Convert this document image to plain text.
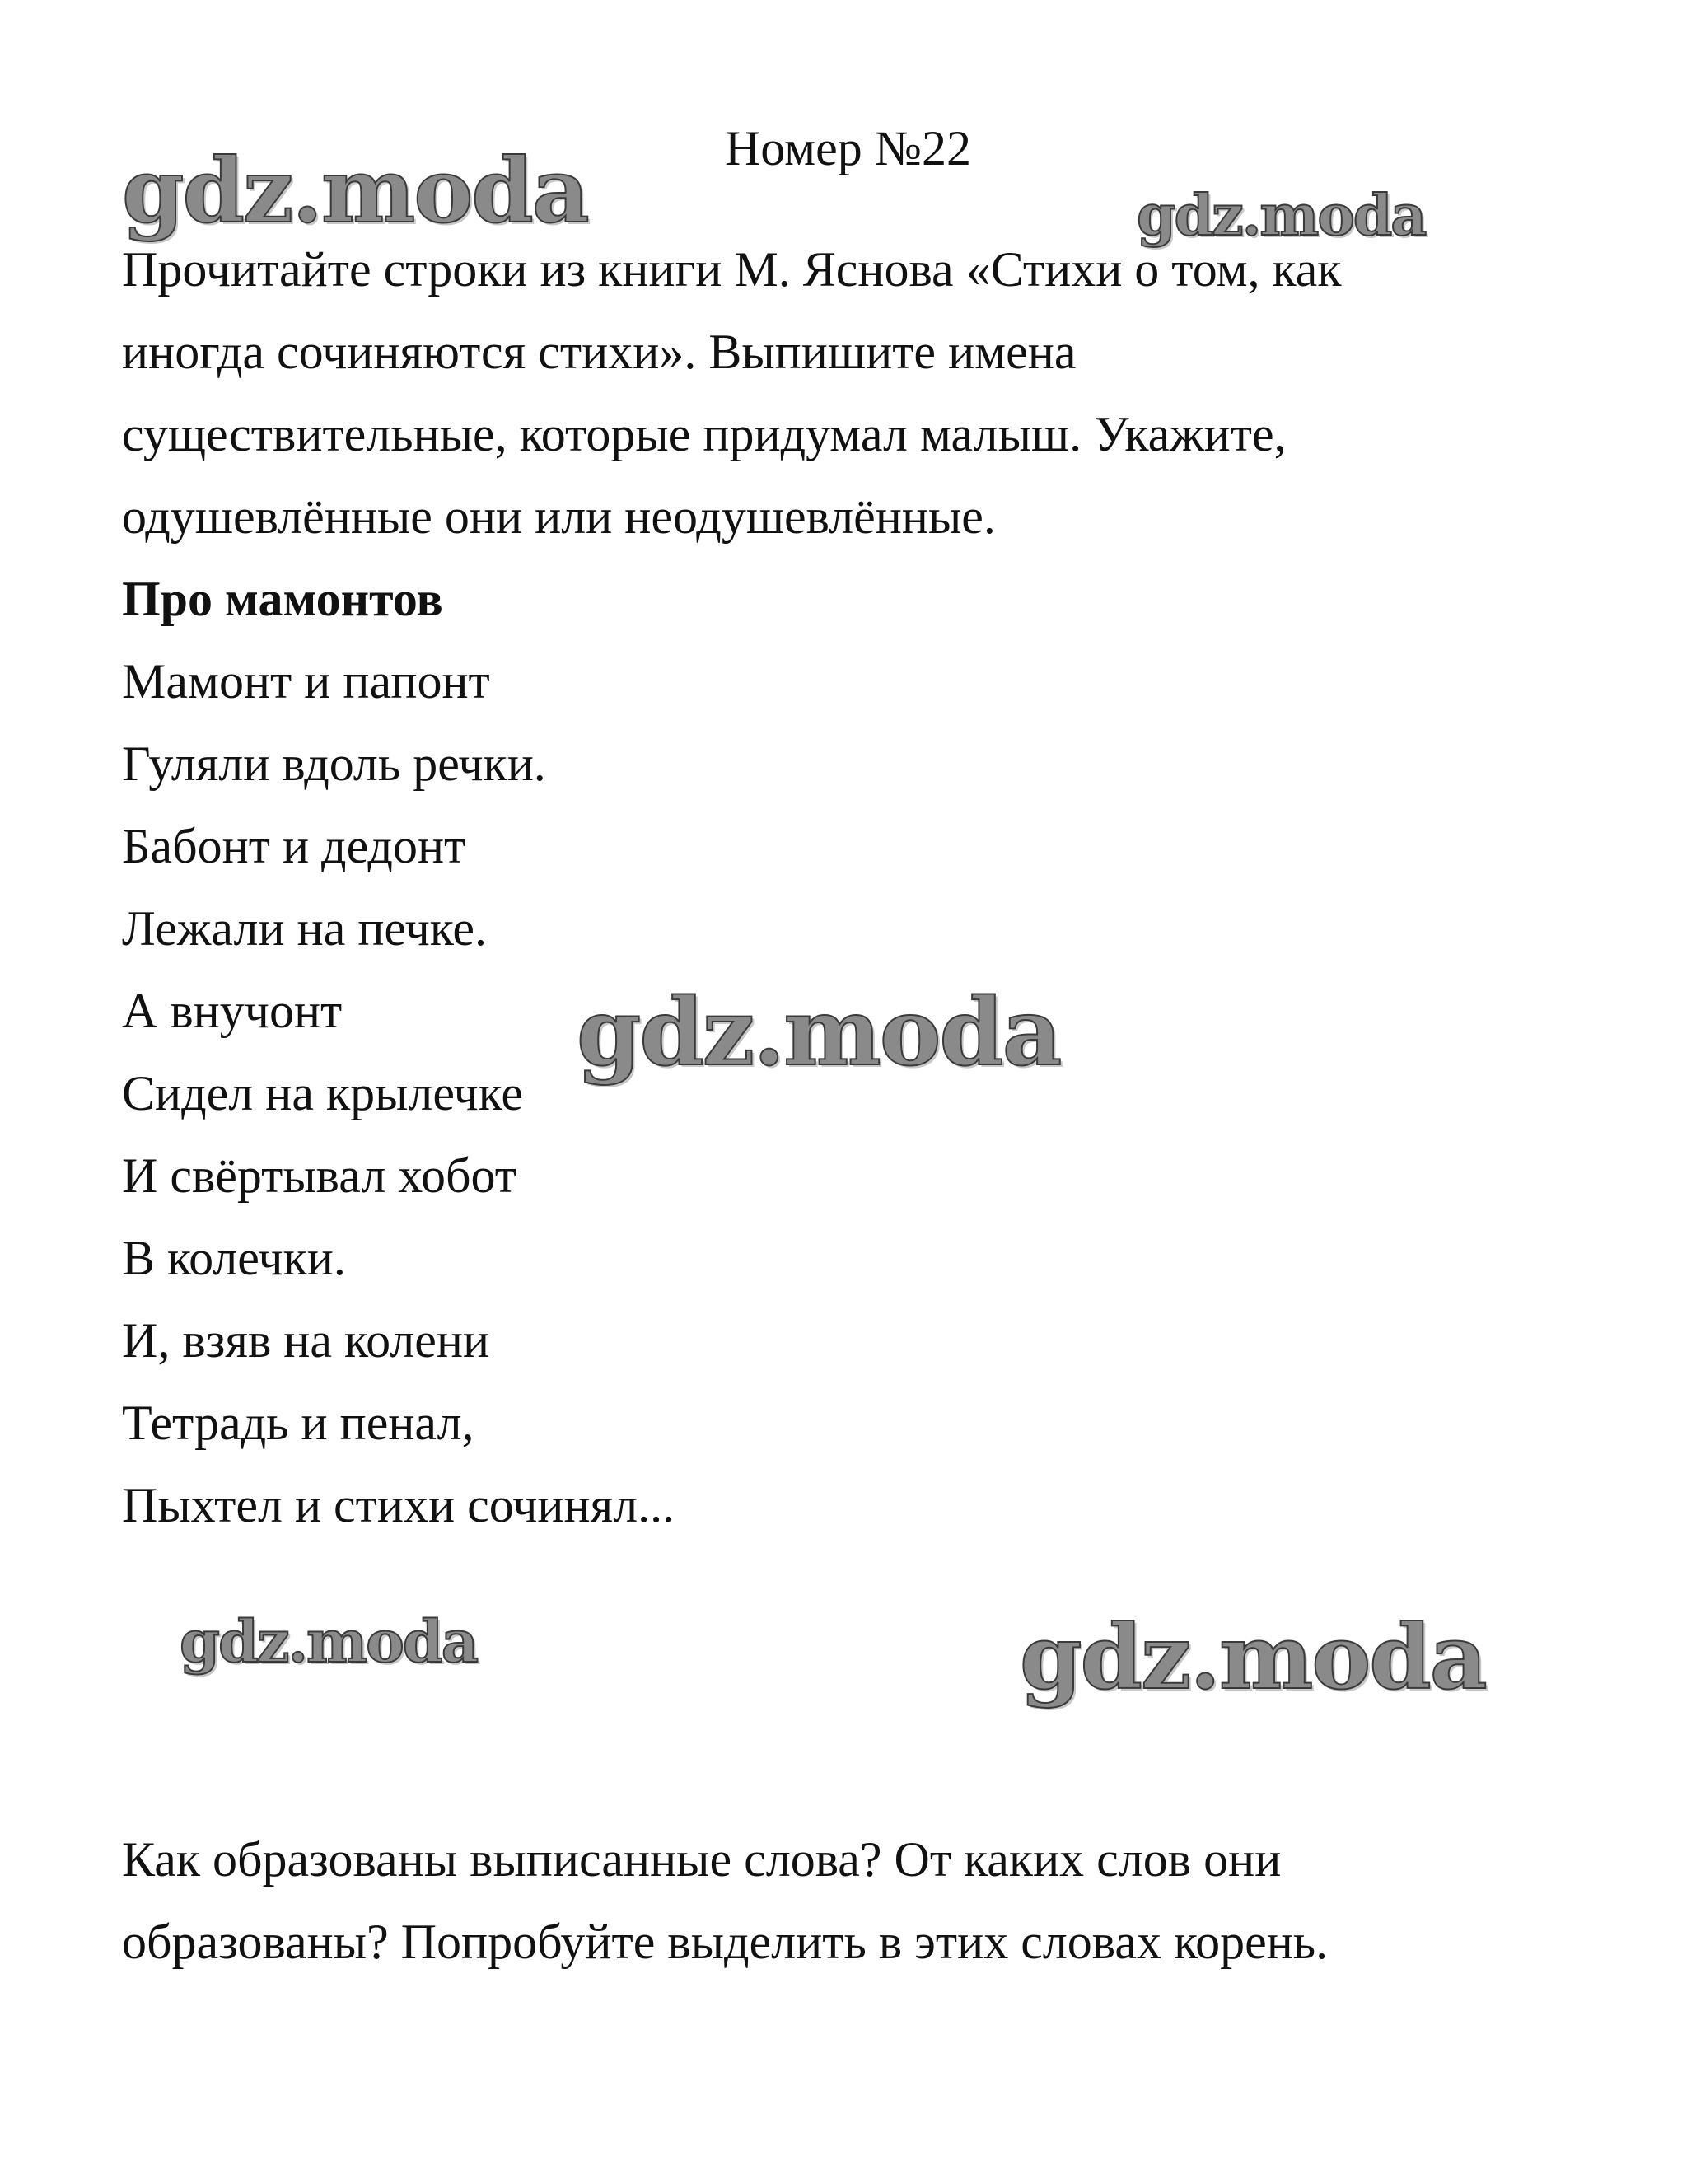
Номер №22
gdz.moda	gdz.moda
Прочитайте строки из книги М. Яснова «Стихи о том, как
иногда сочиняются стихи». Выпишите имена
существительные, которые придумал малыш. Укажите,
одушевлённые они или неодушевлённые.
Про мамонтов
Мамонт и папонт
Гуляли вдоль речки.
Бабонт и дедонт
Лежали на печке.
А внучонт
Сидел на крылечке
И свёртывал хобот
В колечки.
И, взяв на колени
Тетрадь и пенал,
Пыхтел и стихи сочинял...
gdz.moda
gdz.moda	gdz.moda
Как образованы выписанные слова? От каких слов они
образованы? Попробуйте выделить в этих словах корень.
